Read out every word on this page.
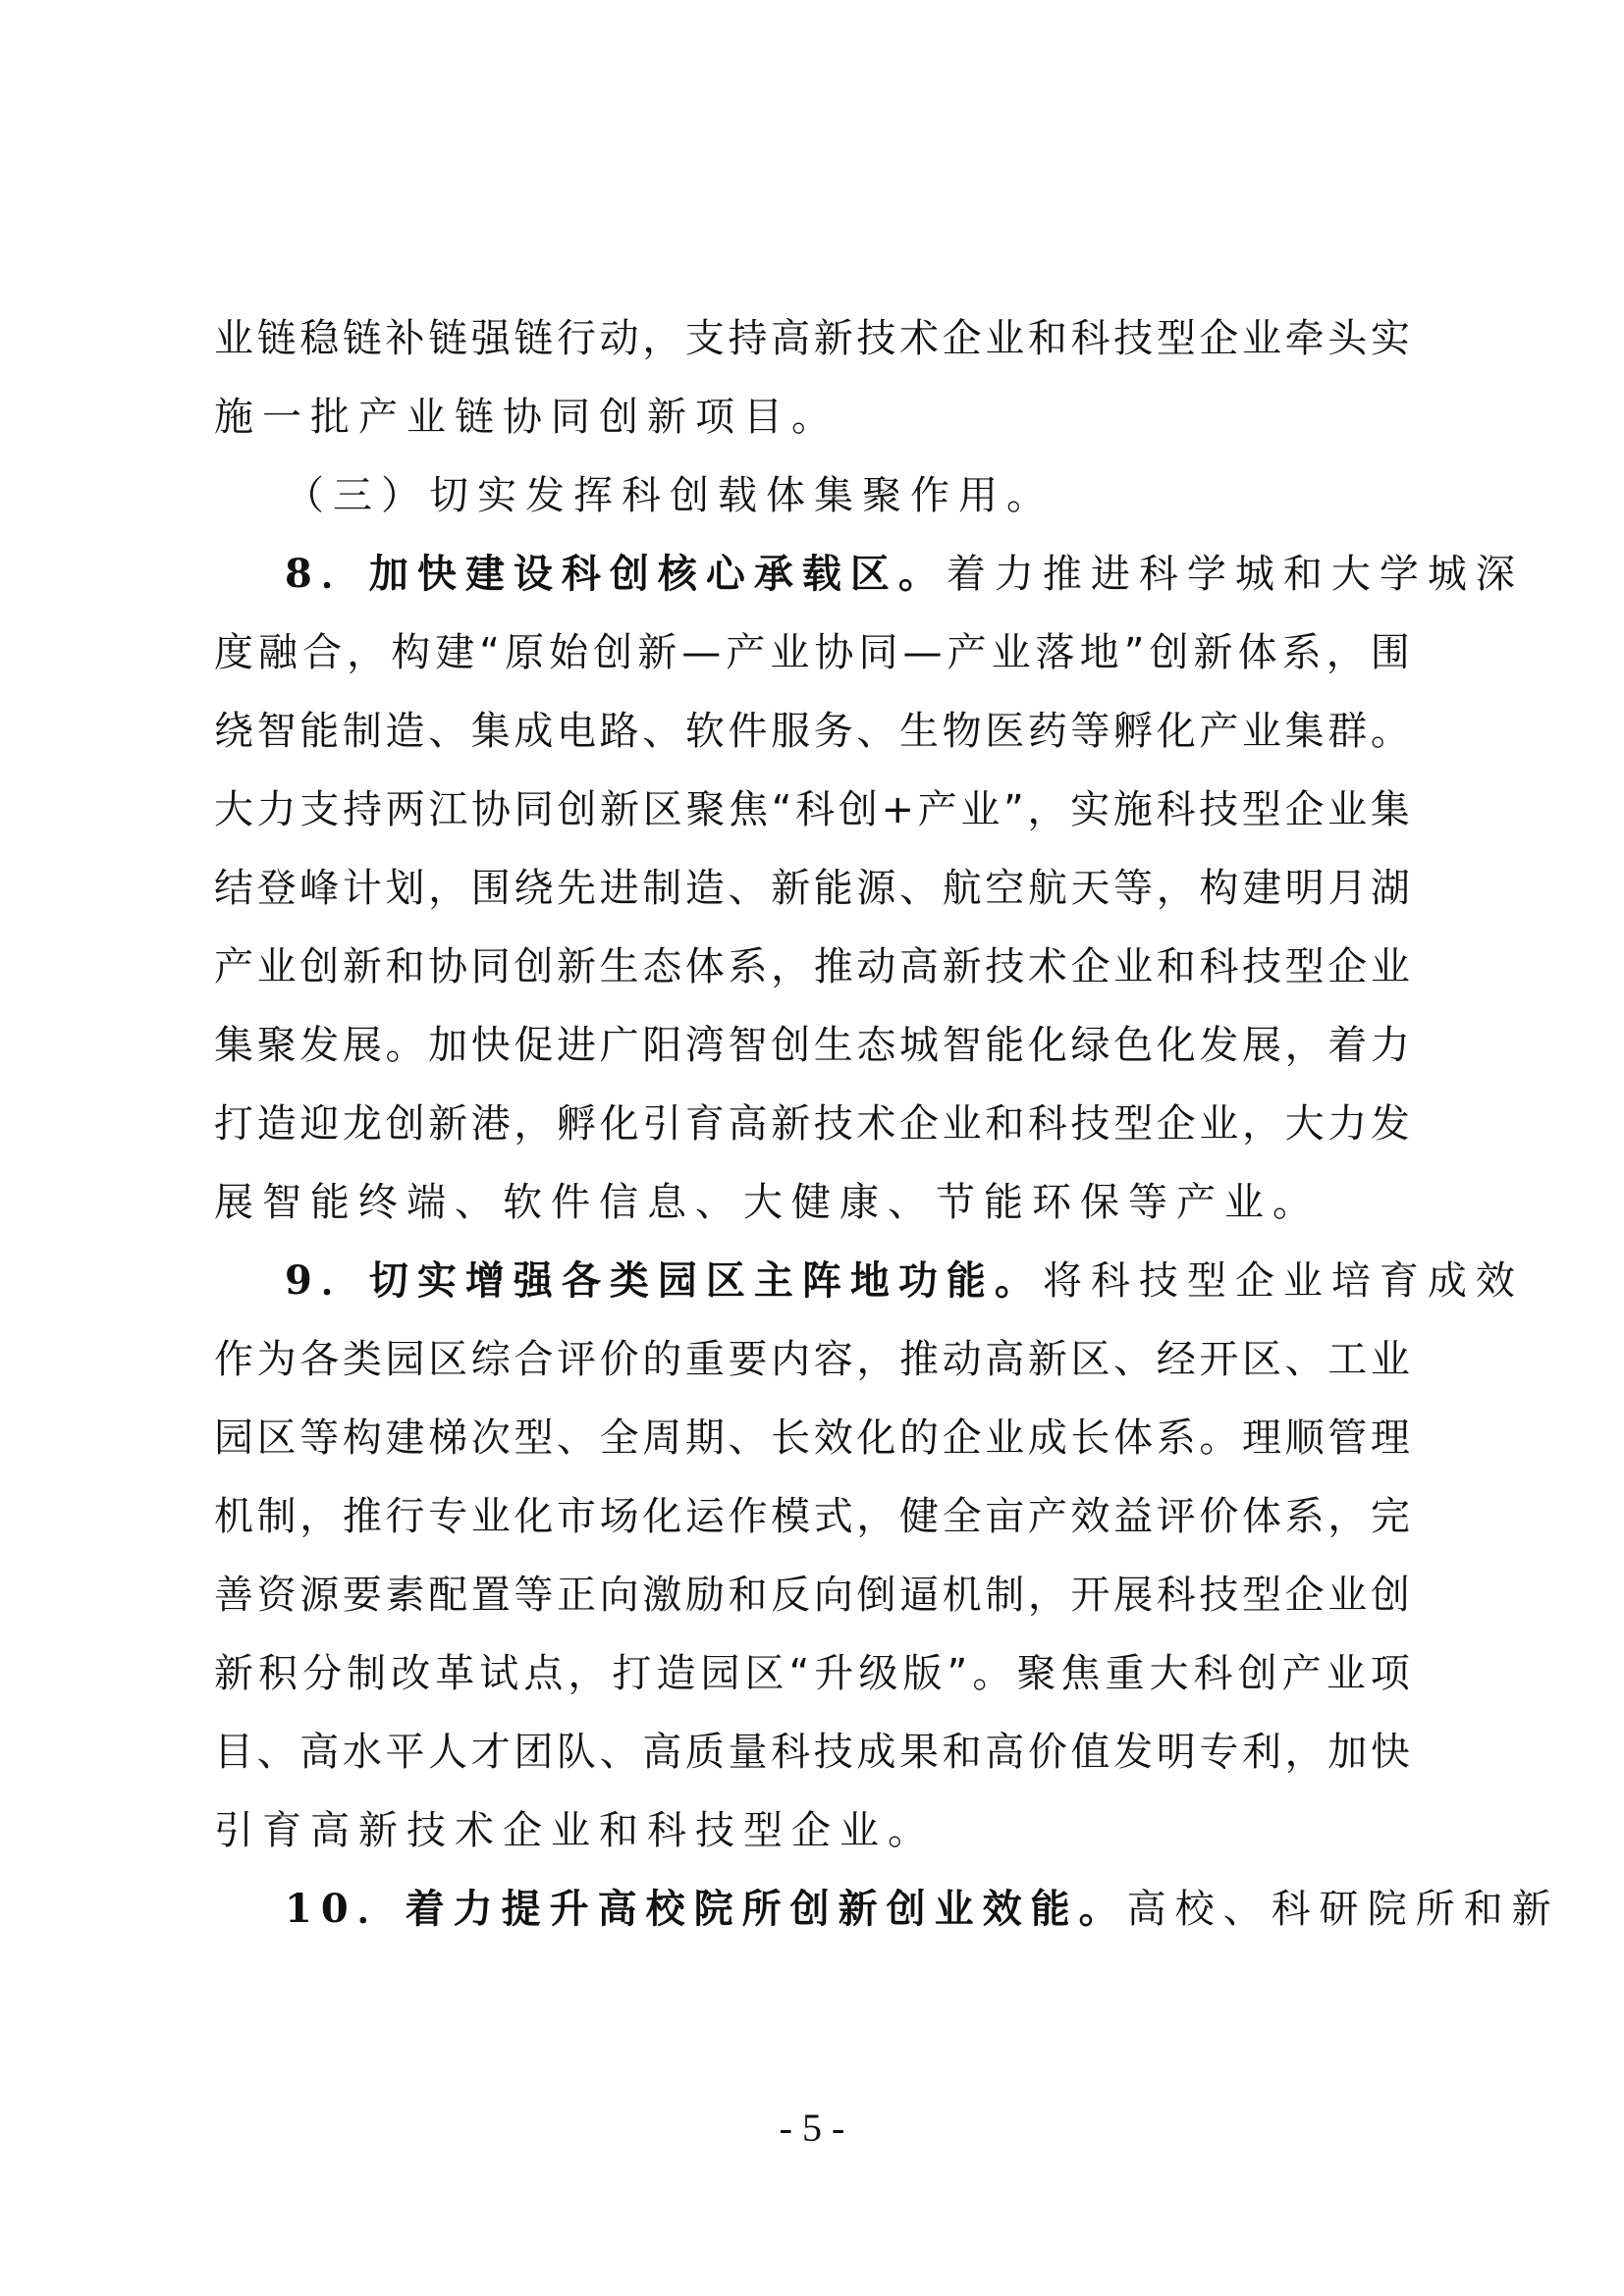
业 链 稳 链 补 链 强 链 行 动 ， 支 持 高 新 技 术 企 业 和 科 技 型 企 业 牵 头 实
施一批产业链协同创新项目。
（三）切实发挥科创载体集聚作用。
8． 加快建设科创核心承载区。 着力推进科学城和大学城深
度 融 合 ， 构 建 “ 原 始 创 新 — 产 业 协 同 — 产 业 落 地 ” 创 新 体 系 ， 围
绕 智 能 制 造 、 集 成 电 路 、 软 件 服 务 、 生 物 医 药 等 孵 化 产 业 集 群 。
大 力 支 持 两 江 协 同 创 新 区 聚 焦 “ 科 创 + 产 业 ” ， 实 施 科 技 型 企 业 集
结 登 峰 计 划 ， 围 绕 先 进 制 造 、 新 能 源 、 航 空 航 天 等 ， 构 建 明 月 湖
产 业 创 新 和 协 同 创 新 生 态 体 系 ， 推 动 高 新 技 术 企 业 和 科 技 型 企 业
集 聚 发 展 。 加 快 促 进 广 阳 湾 智 创 生 态 城 智 能 化 绿 色 化 发 展 ， 着 力
打 造 迎 龙 创 新 港 ， 孵 化 引 育 高 新 技 术 企 业 和 科 技 型 企 业 ， 大 力 发
展智能终端、软件信息、大健康、节能环保等产业。
9． 切实增强各类园区主阵地功能。 将科技型企业培育成效
作 为 各 类 园 区 综 合 评 价 的 重 要 内 容 ， 推 动 高 新 区 、 经 开 区 、 工 业
园 区 等 构 建 梯 次 型 、 全 周 期 、 长 效 化 的 企 业 成 长 体 系 。 理 顺 管 理
机 制 ， 推 行 专 业 化 市 场 化 运 作 模 式 ， 健 全 亩 产 效 益 评 价 体 系 ， 完
善 资 源 要 素 配 置 等 正 向 激 励 和 反 向 倒 逼 机 制 ， 开 展 科 技 型 企 业 创
新 积 分 制 改 革 试 点 ， 打 造 园 区 “ 升 级 版 ” 。 聚 焦 重 大 科 创 产 业 项
目 、 高 水 平 人 才 团 队 、 高 质 量 科 技 成 果 和 高 价 值 发 明 专 利 ， 加 快
引育高新技术企业和科技型企业。
10． 着力提升高校院所创新创业效能。 高校、科研院所和新
- 5 -
